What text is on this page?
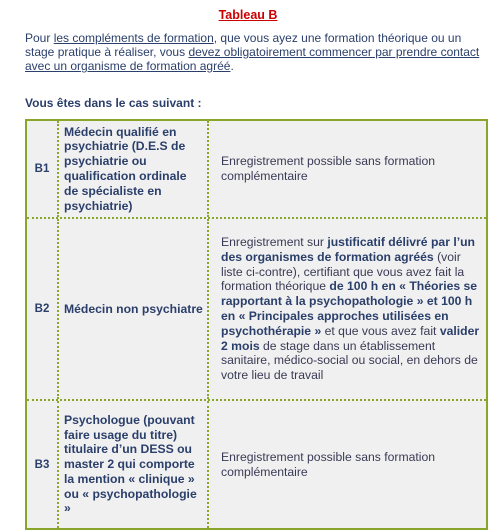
Tableau B
Pour les compléments de formation, que vous ayez une formation théorique ou un stage pratique à réaliser, vous devez obligatoirement commencer par prendre contact avec un organisme de formation agréé.
Vous êtes dans le cas suivant :
B1
Médecin qualifié en psychiatrie (D.E.S de psychiatrie ou qualification ordinale de spécialiste en psychiatrie)
Enregistrement possible sans formation complémentaire
B2	Médecin non psychiatre
Enregistrement sur justificatif délivré par l’un des organismes de formation agréés (voir liste ci-contre), certifiant que vous avez fait la formation théorique de 100 h en « Théories se rapportant à la psychopathologie » et 100 h en « Principales approches utilisées en psychothérapie » et que vous avez fait valider 2 mois de stage dans un établissement sanitaire, médico-social ou social, en dehors de votre lieu de travail
B3
Psychologue (pouvant faire usage du titre) titulaire d’un DESS ou master 2 qui comporte la mention « clinique » ou « psychopathologie »
Enregistrement possible sans formation complémentaire
